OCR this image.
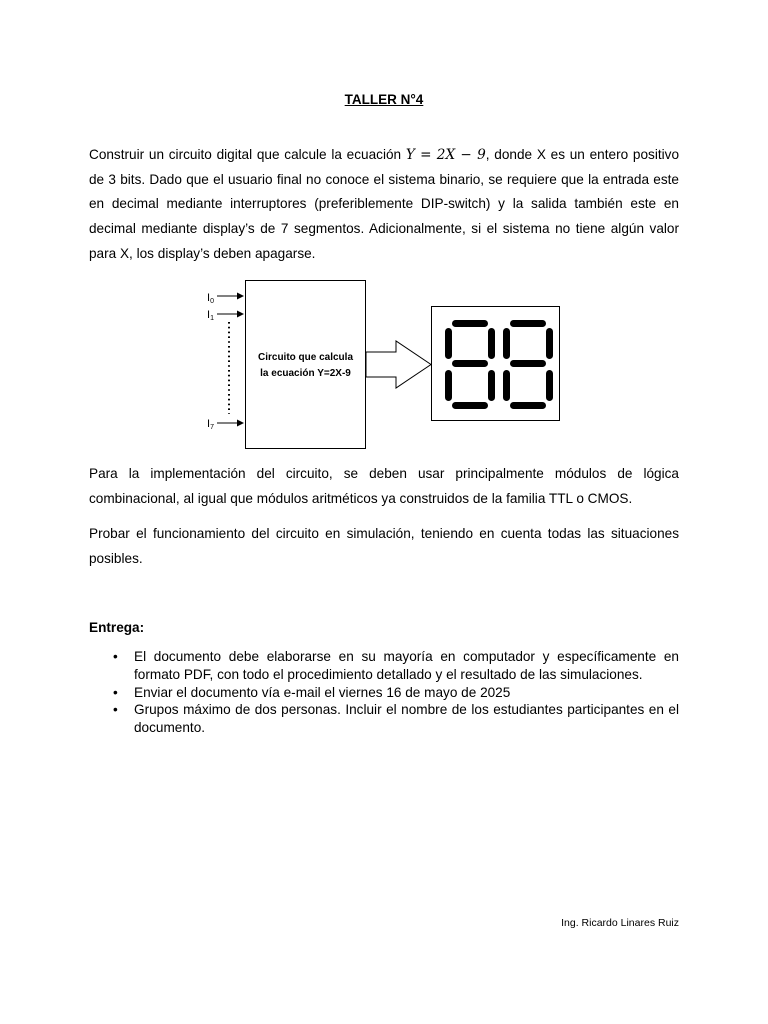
TALLER N°4

Construir un circuito digital que calcule la ecuación Y = 2X − 9, donde X es un entero positivo de 3 bits. Dado que el usuario final no conoce el sistema binario, se requiere que la entrada este en decimal mediante interruptores (preferiblemente DIP-switch) y la salida también este en decimal mediante display’s de 7 segmentos. Adicionalmente, si el sistema no tiene algún valor para X, los display’s deben apagarse.

I0
I1
I7
Circuito que calcula
la ecuación Y=2X-9

Para la implementación del circuito, se deben usar principalmente módulos de lógica combinacional, al igual que módulos aritméticos ya construidos de la familia TTL o CMOS.

Probar el funcionamiento del circuito en simulación, teniendo en cuenta todas las situaciones posibles.

Entrega:
• El documento debe elaborarse en su mayoría en computador y específicamente en formato PDF, con todo el procedimiento detallado y el resultado de las simulaciones.
• Enviar el documento vía e-mail el viernes 16 de mayo de 2025
• Grupos máximo de dos personas. Incluir el nombre de los estudiantes participantes en el documento.
Ing. Ricardo Linares Ruiz
